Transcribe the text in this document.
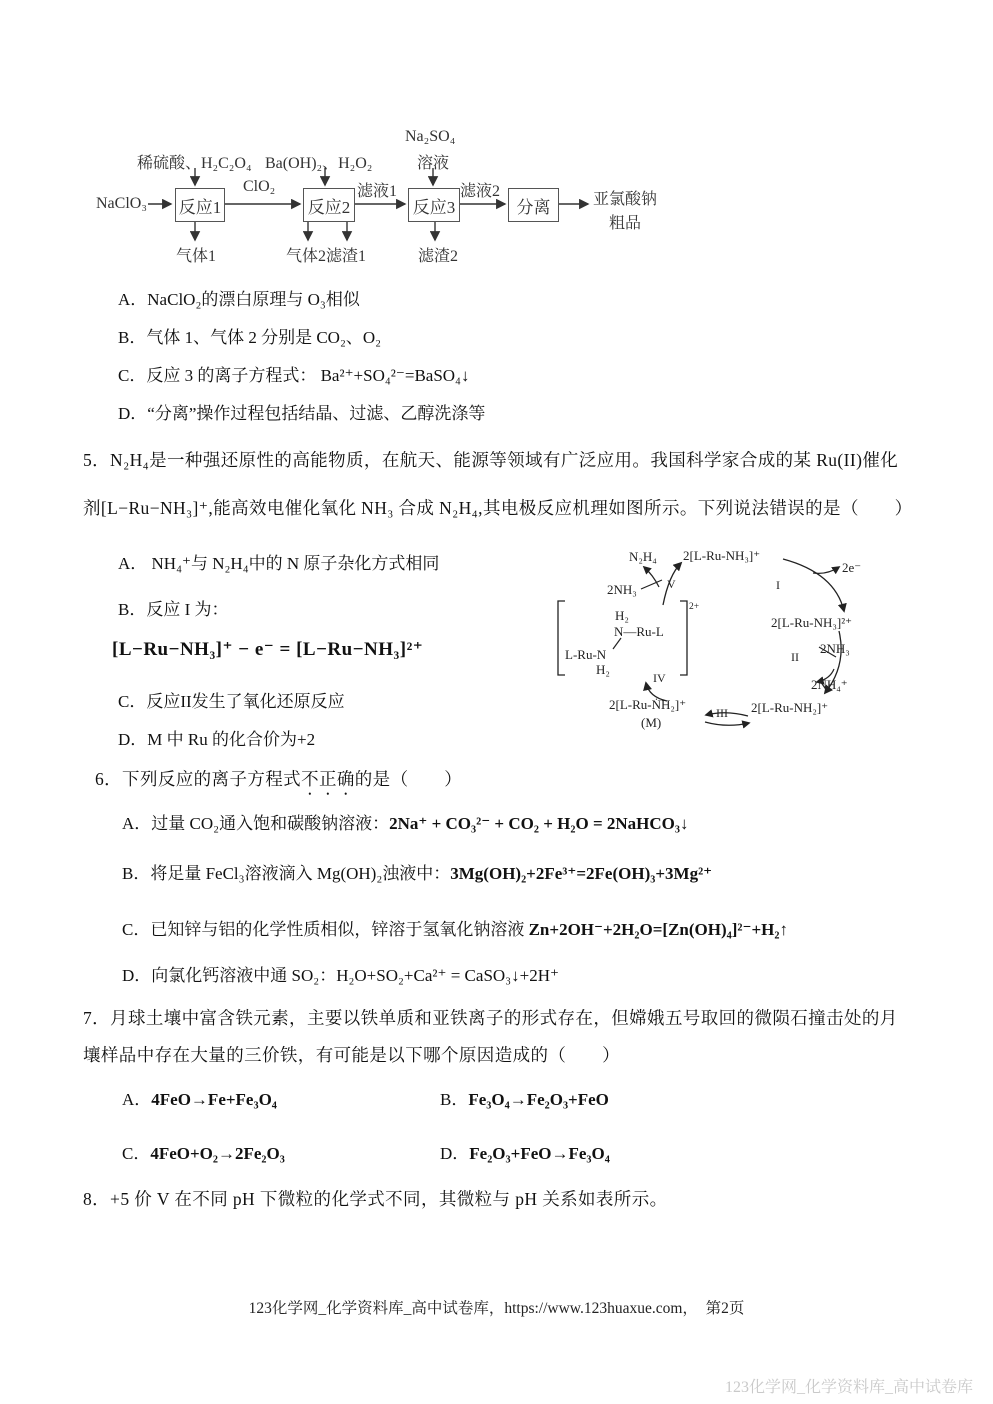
稀硫酸、H₂C₂O₄ Ba(OH)₂、H₂O₂
Na₂SO₄
溶液
NaClO₃ 反应1	反应2	反应3	分离
ClO₂	滤液1	滤液2	亚氯酸钠
粗品
气体1	气体2 滤渣1	滤渣2
A．NaClO₂的漂白原理与 O₃相似
B．气体 1、气体 2 分别是 CO₂、O₂
C．反应 3 的离子方程式： Ba²⁺+SO₄²⁻=BaSO₄↓
D．“分离”操作过程包括结晶、过滤、乙醇洗涤等
5．N₂H₄是一种强还原性的高能物质，在航天、能源等领域有广泛应用。我国科学家合成的某 Ru(II)催化
剂[L−Ru−NH₃]⁺,能高效电催化氧化 NH₃ 合成 N₂H₄,其电极反应机理如图所示。下列说法错误的是（　　）
A． NH₄⁺与 N₂H₄中的 N 原子杂化方式相同
B．反应 I 为：
[L−Ru−NH₃]⁺ − e⁻ = [L−Ru−NH₃]²⁺
C．反应II发生了氧化还原反应
D．M 中 Ru 的化合价为+2
N₂H₄ 2[L-Ru-NH₃]⁺
2e⁻
I
2NH₃	V
2[L-Ru-NH₃]²⁺
II
2NH₃
2NH₄⁺
2[L-Ru-NH₂]⁺
III
2[L-Ru-ṄH₂]⁺
(M)
IV
2+
H₂
N—Ru-L
L-Ru-N
H₂
6．下列反应的离子方程式不正确的是（　　）
A．过量 CO₂通入饱和碳酸钠溶液：2Na⁺ + CO₃²⁻ + CO₂ + H₂O = 2NaHCO₃↓
B．将足量 FeCl₃溶液滴入 Mg(OH)₂浊液中：3Mg(OH)₂+2Fe³⁺=2Fe(OH)₃+3Mg²⁺
C．已知锌与铝的化学性质相似，锌溶于氢氧化钠溶液 Zn+2OH⁻+2H₂O=[Zn(OH)₄]²⁻+H₂↑
D．向氯化钙溶液中通 SO₂：H₂O+SO₂+Ca²⁺ = CaSO₃↓+2H⁺
7．月球土壤中富含铁元素，主要以铁单质和亚铁离子的形式存在，但嫦娥五号取回的微陨石撞击处的月
壤样品中存在大量的三价铁，有可能是以下哪个原因造成的（　　）
A．4FeO→Fe+Fe₃O₄	B．Fe₃O₄→Fe₂O₃+FeO
C．4FeO+O₂→2Fe₂O₃	D．Fe₂O₃+FeO→Fe₃O₄
8．+5 价 V 在不同 pH 下微粒的化学式不同，其微粒与 pH 关系如表所示。
123化学网_化学资料库_高中试卷库，https://www.123huaxue.com，　第2页
123化学网_化学资料库_高中试卷库
